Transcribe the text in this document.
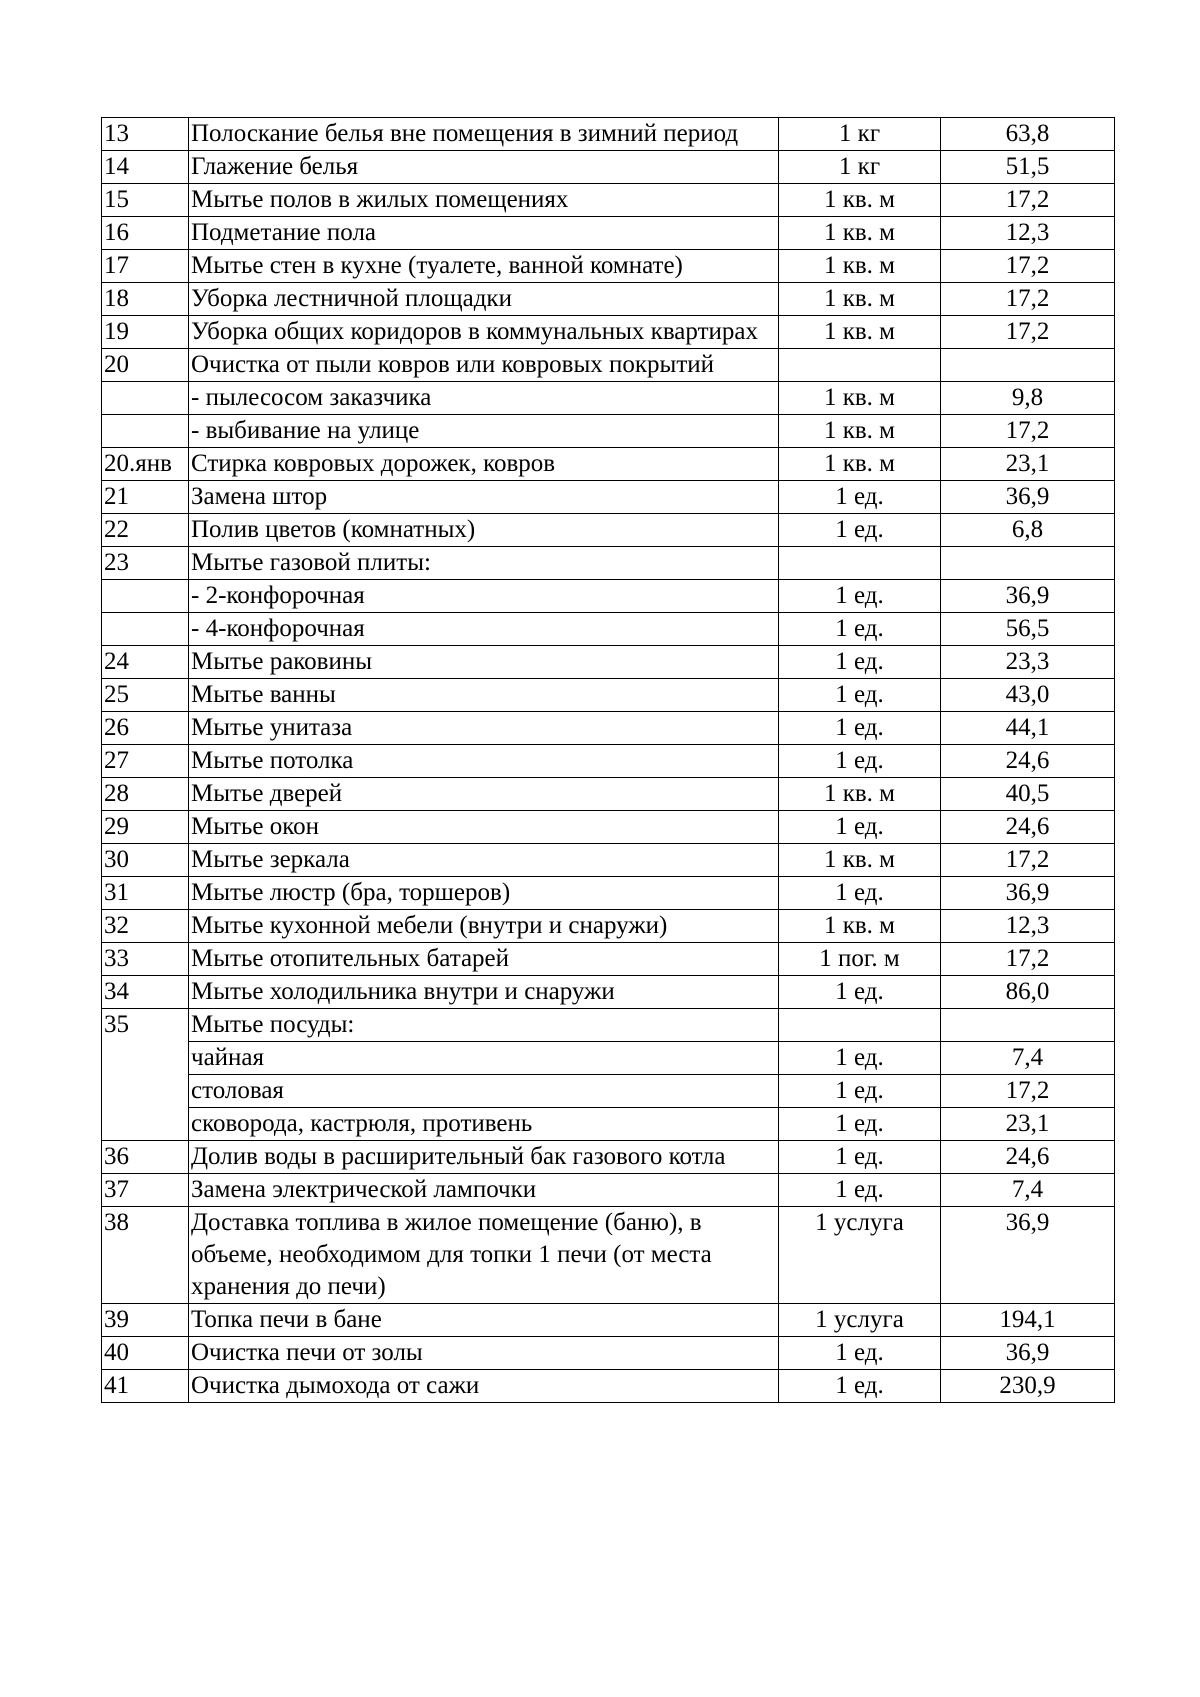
13	Полоскание белья вне помещения в зимний период	1 кг	63,8
14	Глажение белья	1 кг	51,5
15	Мытье полов в жилых помещениях	1 кв. м	17,2
16	Подметание пола	1 кв. м	12,3
17	Мытье стен в кухне (туалете, ванной комнате)	1 кв. м	17,2
18	Уборка лестничной площадки	1 кв. м	17,2
19	Уборка общих коридоров в коммунальных квартирах	1 кв. м	17,2
20	Очистка от пыли ковров или ковровых покрытий		
	- пылесосом заказчика	1 кв. м	9,8
	- выбивание на улице	1 кв. м	17,2
20.янв	Стирка ковровых дорожек, ковров	1 кв. м	23,1
21	Замена штор	1 ед.	36,9
22	Полив цветов (комнатных)	1 ед.	6,8
23	Мытье газовой плиты:		
	- 2-конфорочная	1 ед.	36,9
	- 4-конфорочная	1 ед.	56,5
24	Мытье раковины	1 ед.	23,3
25	Мытье ванны	1 ед.	43,0
26	Мытье унитаза	1 ед.	44,1
27	Мытье потолка	1 ед.	24,6
28	Мытье дверей	1 кв. м	40,5
29	Мытье окон	1 ед.	24,6
30	Мытье зеркала	1 кв. м	17,2
31	Мытье люстр (бра, торшеров)	1 ед.	36,9
32	Мытье кухонной мебели (внутри и снаружи)	1 кв. м	12,3
33	Мытье отопительных батарей	1 пог. м	17,2
34	Мытье холодильника внутри и снаружи	1 ед.	86,0
35	Мытье посуды:		
	чайная	1 ед.	7,4
	столовая	1 ед.	17,2
	сковорода, кастрюля, противень	1 ед.	23,1
36	Долив воды в расширительный бак газового котла	1 ед.	24,6
37	Замена электрической лампочки	1 ед.	7,4
38	Доставка топлива в жилое помещение (баню), в объеме, необходимом для топки 1 печи (от места хранения до печи)	1 услуга	36,9
39	Топка печи в бане	1 услуга	194,1
40	Очистка печи от золы	1 ед.	36,9
41	Очистка дымохода от сажи	1 ед.	230,9
